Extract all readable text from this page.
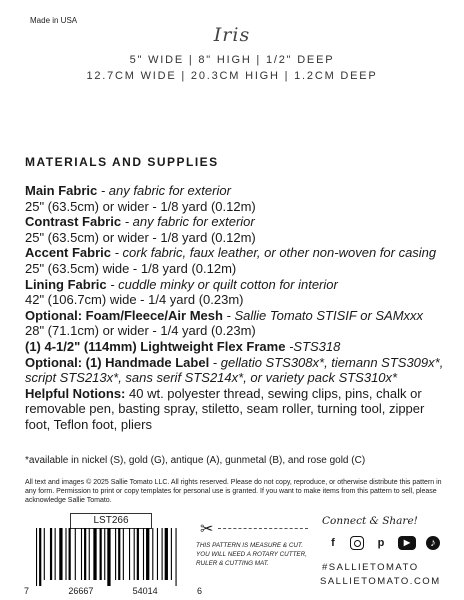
Made in USA
Iris
5" WIDE | 8" HIGH | 1/2" DEEP
12.7CM WIDE | 20.3CM HIGH | 1.2CM DEEP
MATERIALS AND SUPPLIES
Main Fabric - any fabric for exterior
25" (63.5cm) or wider - 1/8 yard (0.12m)
Contrast Fabric - any fabric for exterior
25" (63.5cm) or wider - 1/8 yard (0.12m)
Accent Fabric - cork fabric, faux leather, or other non-woven for casing
25" (63.5cm) wide - 1/8 yard (0.12m)
Lining Fabric - cuddle minky or quilt cotton for interior
42" (106.7cm) wide - 1/4 yard (0.23m)
Optional: Foam/Fleece/Air Mesh - Sallie Tomato STISIF or SAMxxx
28" (71.1cm) or wider - 1/4 yard (0.23m)
(1) 4-1/2" (114mm) Lightweight Flex Frame -STS318
Optional: (1) Handmade Label - gellatio STS308x*, tiemann STS309x*,
script STS213x*, sans serif STS214x*, or variety pack STS310x*
Helpful Notions: 40 wt. polyester thread, sewing clips, pins, chalk or
removable pen, basting spray, stiletto, seam roller, turning tool, zipper
foot, Teflon foot, pliers
*available in nickel (S), gold (G), antique (A), gunmetal (B), and rose gold (C)
All text and images © 2025 Sallie Tomato LLC. All rights reserved. Please do not copy, reproduce, or otherwise distribute this pattern in any form. Permission to print or copy templates for personal use is granted. If you want to make items from this pattern to sell, please acknowledge Sallie Tomato.
LST266
7	26667	54014	6
✂
THIS PATTERN IS MEASURE & CUT. YOU WILL NEED A ROTARY CUTTER, RULER & CUTTING MAT.
Connect & Share!
f	p	▶	♪
#SALLIETOMATO
SALLIETOMATO.COM
